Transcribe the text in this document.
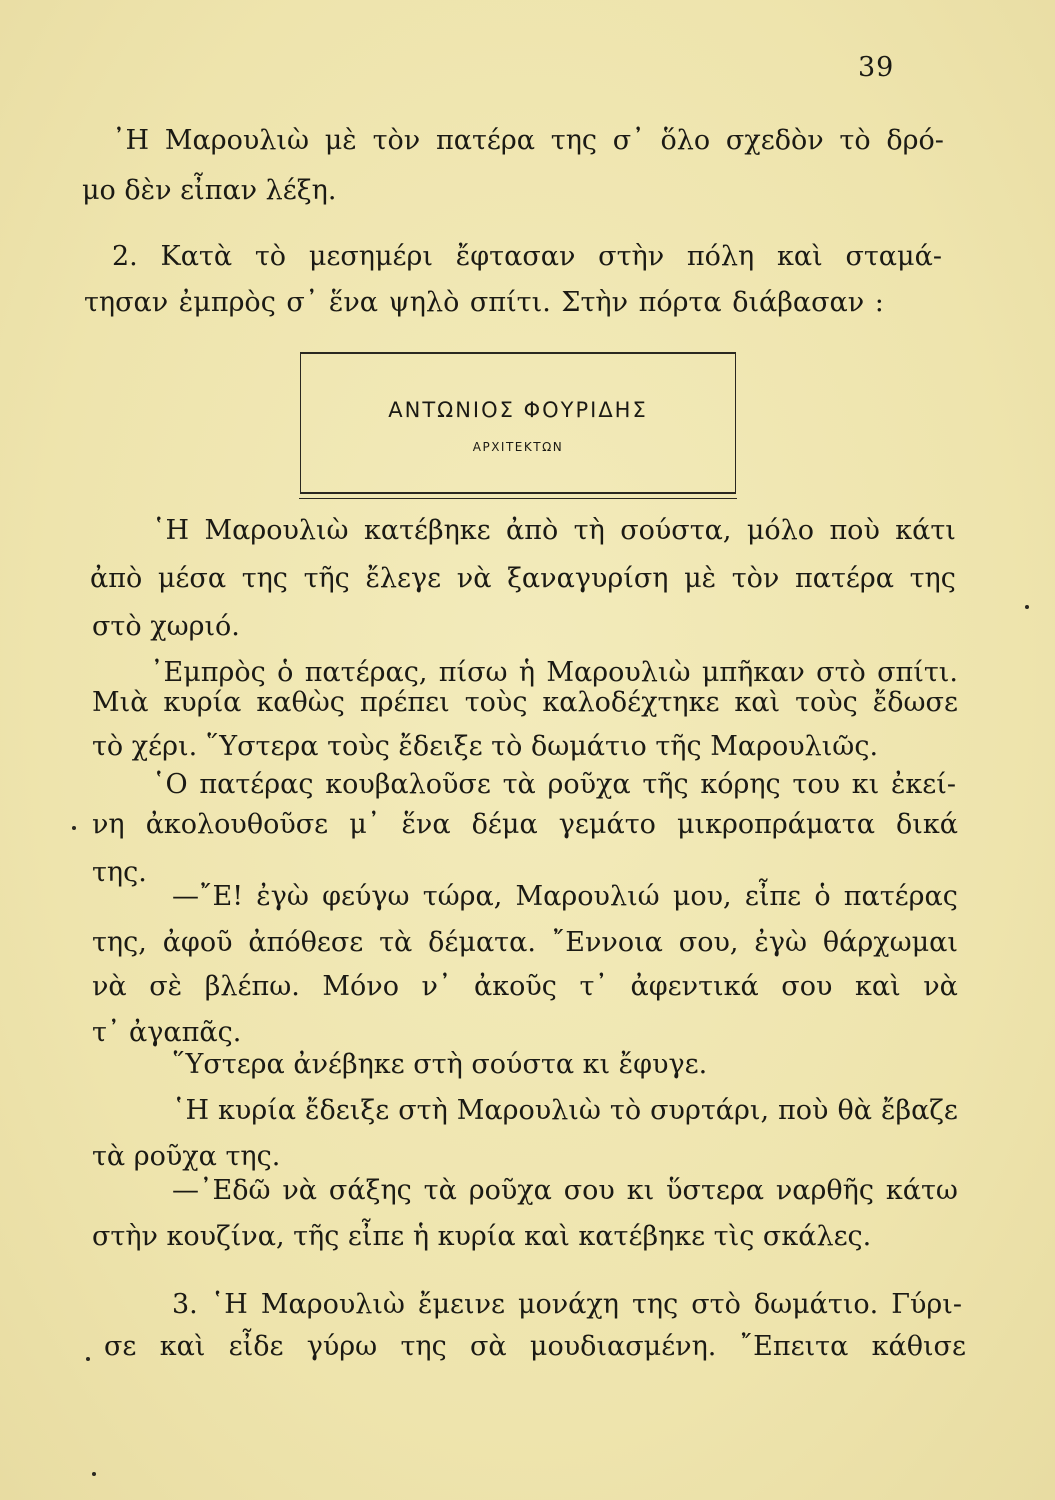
39
᾿Η Μαρουλιὼ μὲ τὸν πατέρα της σ᾿ ὅλο σχεδὸν τὸ δρό-
μο δὲν εἶπαν λέξη.
2. Κατὰ τὸ μεσημέρι ἔφτασαν στὴν πόλη καὶ σταμά-
τησαν ἐμπρὸς σ᾿ ἕνα ψηλὸ σπίτι. Στὴν πόρτα διάβασαν :
ΑΝΤΩΝΙΟΣ ΦΟΥΡΙΔΗΣ
ΑΡΧΙΤΕΚΤΩΝ
῾Η Μαρουλιὼ κατέβηκε ἀπὸ τὴ σούστα, μόλο ποὺ κάτι
ἀπὸ μέσα της τῆς ἔλεγε νὰ ξαναγυρίση μὲ τὸν πατέρα της
στὸ χωριό.
᾿Εμπρὸς ὁ πατέρας, πίσω ἡ Μαρουλιὼ μπῆκαν στὸ σπίτι.
Μιὰ κυρία καθὼς πρέπει τοὺς καλοδέχτηκε καὶ τοὺς ἔδωσε
τὸ χέρι. ῞Υστερα τοὺς ἔδειξε τὸ δωμάτιο τῆς Μαρουλιῶς.
῾Ο πατέρας κουβαλοῦσε τὰ ροῦχα τῆς κόρης του κι ἐκεί-
νη ἀκολουθοῦσε μ᾿ ἕνα δέμα γεμάτο μικροπράματα δικά
της.
—῎Ε! ἐγὼ φεύγω τώρα, Μαρουλιώ μου, εἶπε ὁ πατέρας
της, ἀφοῦ ἀπόθεσε τὰ δέματα. ῎Εννοια σου, ἐγὼ θάρχωμαι
νὰ σὲ βλέπω. Μόνο ν᾿ ἀκοῦς τ᾿ ἀφεντικά σου καὶ νὰ
τ᾿ ἀγαπᾶς.
῞Υστερα ἀνέβηκε στὴ σούστα κι ἔφυγε.
῾Η κυρία ἔδειξε στὴ Μαρουλιὼ τὸ συρτάρι, ποὺ θὰ ἔβαζε
τὰ ροῦχα της.
—᾿Εδῶ νὰ σάξης τὰ ροῦχα σου κι ὕστερα ναρθῆς κάτω
στὴν κουζίνα, τῆς εἶπε ἡ κυρία καὶ κατέβηκε τὶς σκάλες.
3. ῾Η Μαρουλιὼ ἔμεινε μονάχη της στὸ δωμάτιο. Γύρι-
σε καὶ εἶδε γύρω της σὰ μουδιασμένη. ῎Επειτα κάθισε
